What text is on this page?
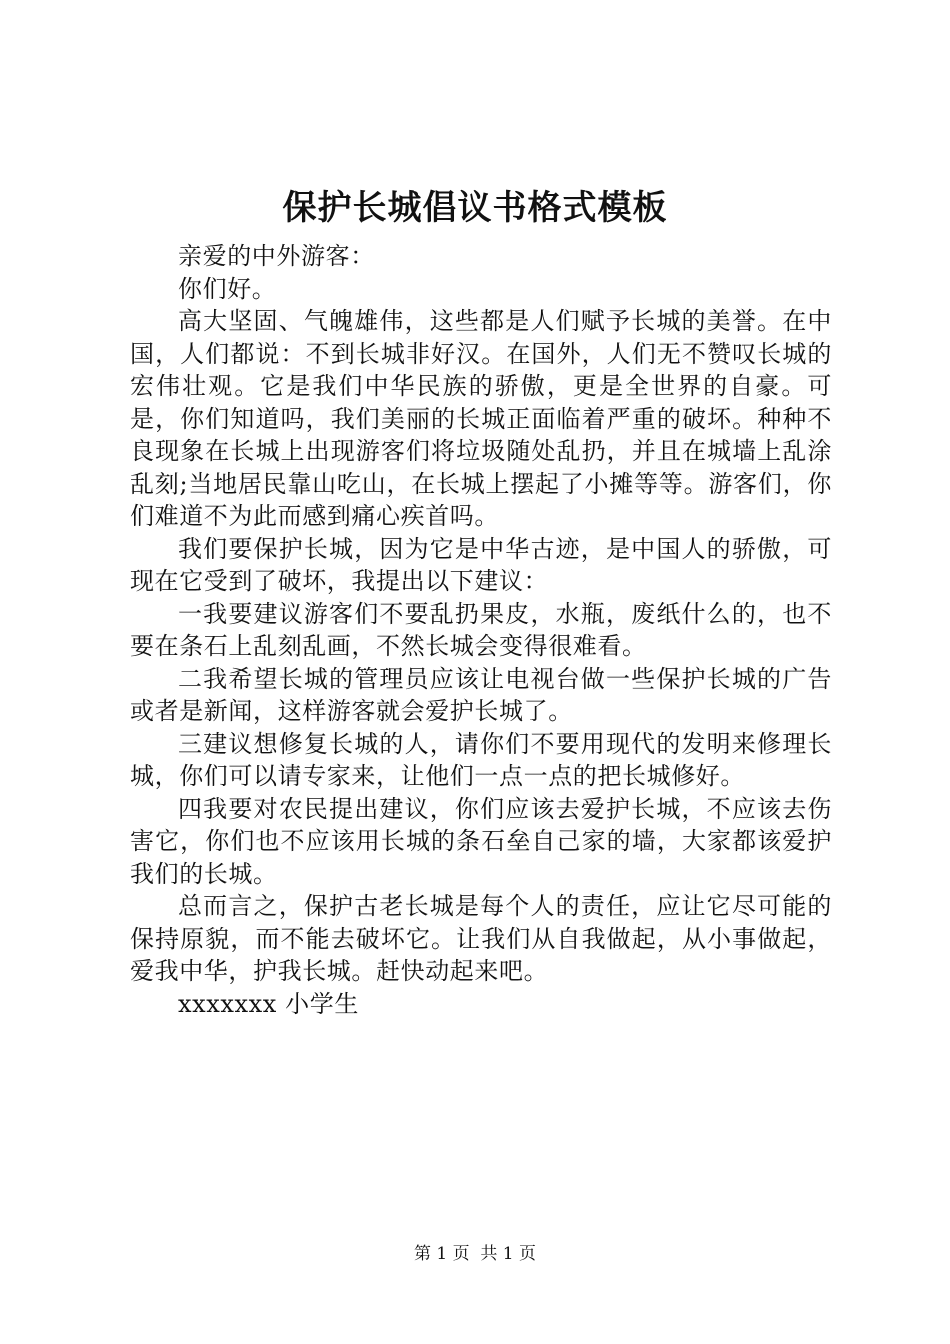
保护长城倡议书格式模板

亲爱的中外游客：

你们好。

高大坚固、气魄雄伟，这些都是人们赋予长城的美誉。在中国，人们都说：不到长城非好汉。在国外，人们无不赞叹长城的宏伟壮观。它是我们中华民族的骄傲，更是全世界的自豪。可是，你们知道吗，我们美丽的长城正面临着严重的破坏。种种不良现象在长城上出现游客们将垃圾随处乱扔，并且在城墙上乱涂乱刻;当地居民靠山吃山，在长城上摆起了小摊等等。游客们，你们难道不为此而感到痛心疾首吗。

我们要保护长城，因为它是中华古迹，是中国人的骄傲，可现在它受到了破坏，我提出以下建议：

一我要建议游客们不要乱扔果皮，水瓶，废纸什么的，也不要在条石上乱刻乱画，不然长城会变得很难看。

二我希望长城的管理员应该让电视台做一些保护长城的广告或者是新闻，这样游客就会爱护长城了。

三建议想修复长城的人，请你们不要用现代的发明来修理长城，你们可以请专家来，让他们一点一点的把长城修好。

四我要对农民提出建议，你们应该去爱护长城，不应该去伤害它，你们也不应该用长城的条石垒自己家的墙，大家都该爱护我们的长城。

总而言之，保护古老长城是每个人的责任，应让它尽可能的保持原貌，而不能去破坏它。让我们从自我做起，从小事做起，爱我中华，护我长城。赶快动起来吧。

xxxxxxx 小学生

第 1 页  共 1 页
